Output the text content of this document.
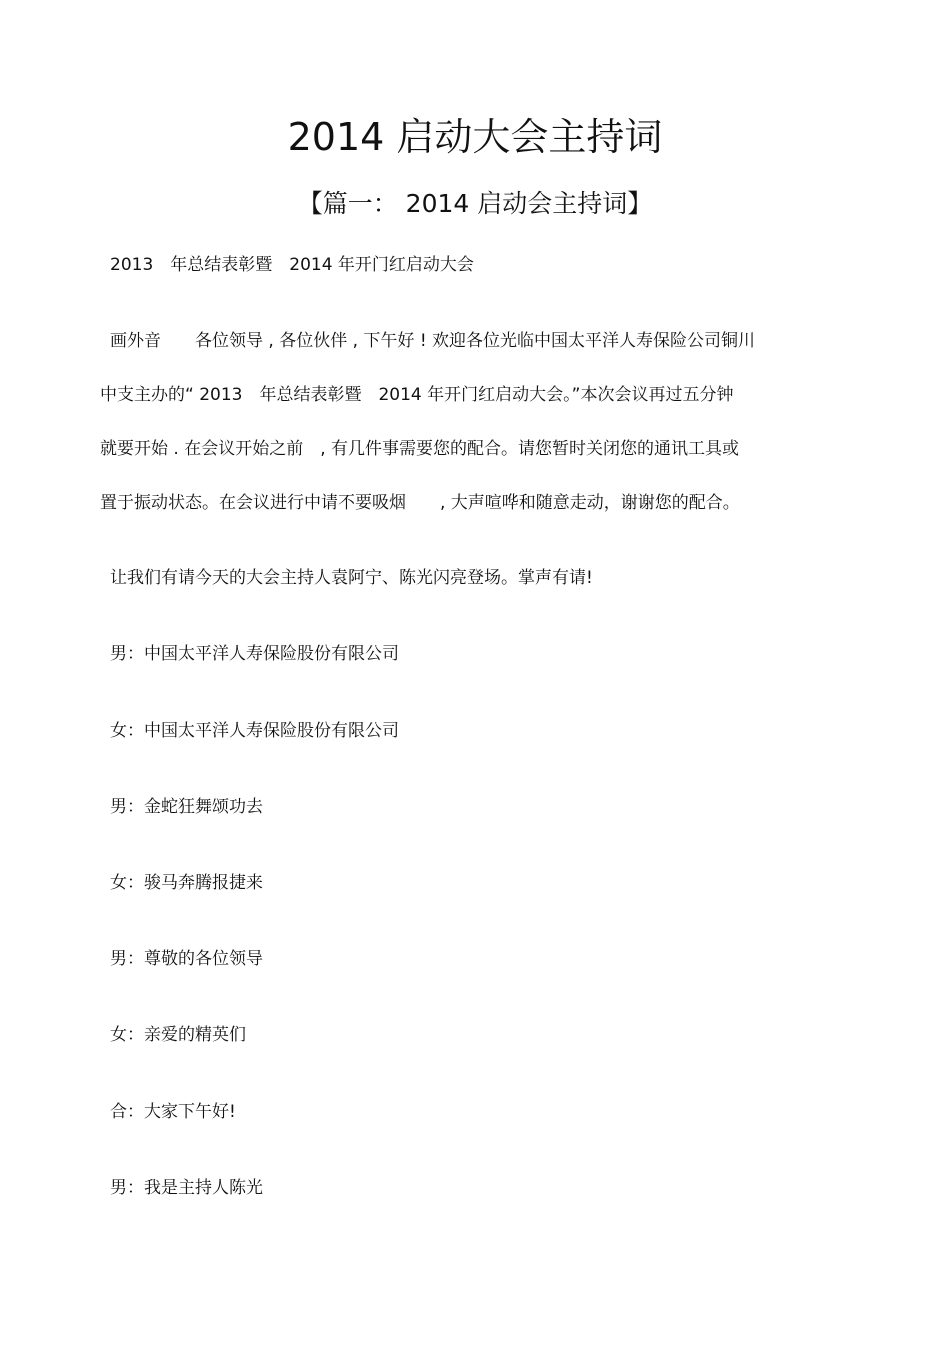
2014 启动大会主持词
【篇一： 2014 启动会主持词】
2013　年总结表彰暨　2014 年开门红启动大会
画外音　　各位领导 , 各位伙伴 , 下午好 ! 欢迎各位光临中国太平洋人寿保险公司铜川
中支主办的“ 2013　年总结表彰暨　2014 年开门红启动大会。”本次会议再过五分钟
就要开始 . 在会议开始之前　, 有几件事需要您的配合。请您暂时关闭您的通讯工具或
置于振动状态。在会议进行中请不要吸烟　　, 大声喧哗和随意走动，谢谢您的配合。
让我们有请今天的大会主持人袁阿宁、陈光闪亮登场。掌声有请!
男：中国太平洋人寿保险股份有限公司
女：中国太平洋人寿保险股份有限公司
男：金蛇狂舞颂功去
女：骏马奔腾报捷来
男：尊敬的各位领导
女：亲爱的精英们
合：大家下午好!
男：我是主持人陈光
